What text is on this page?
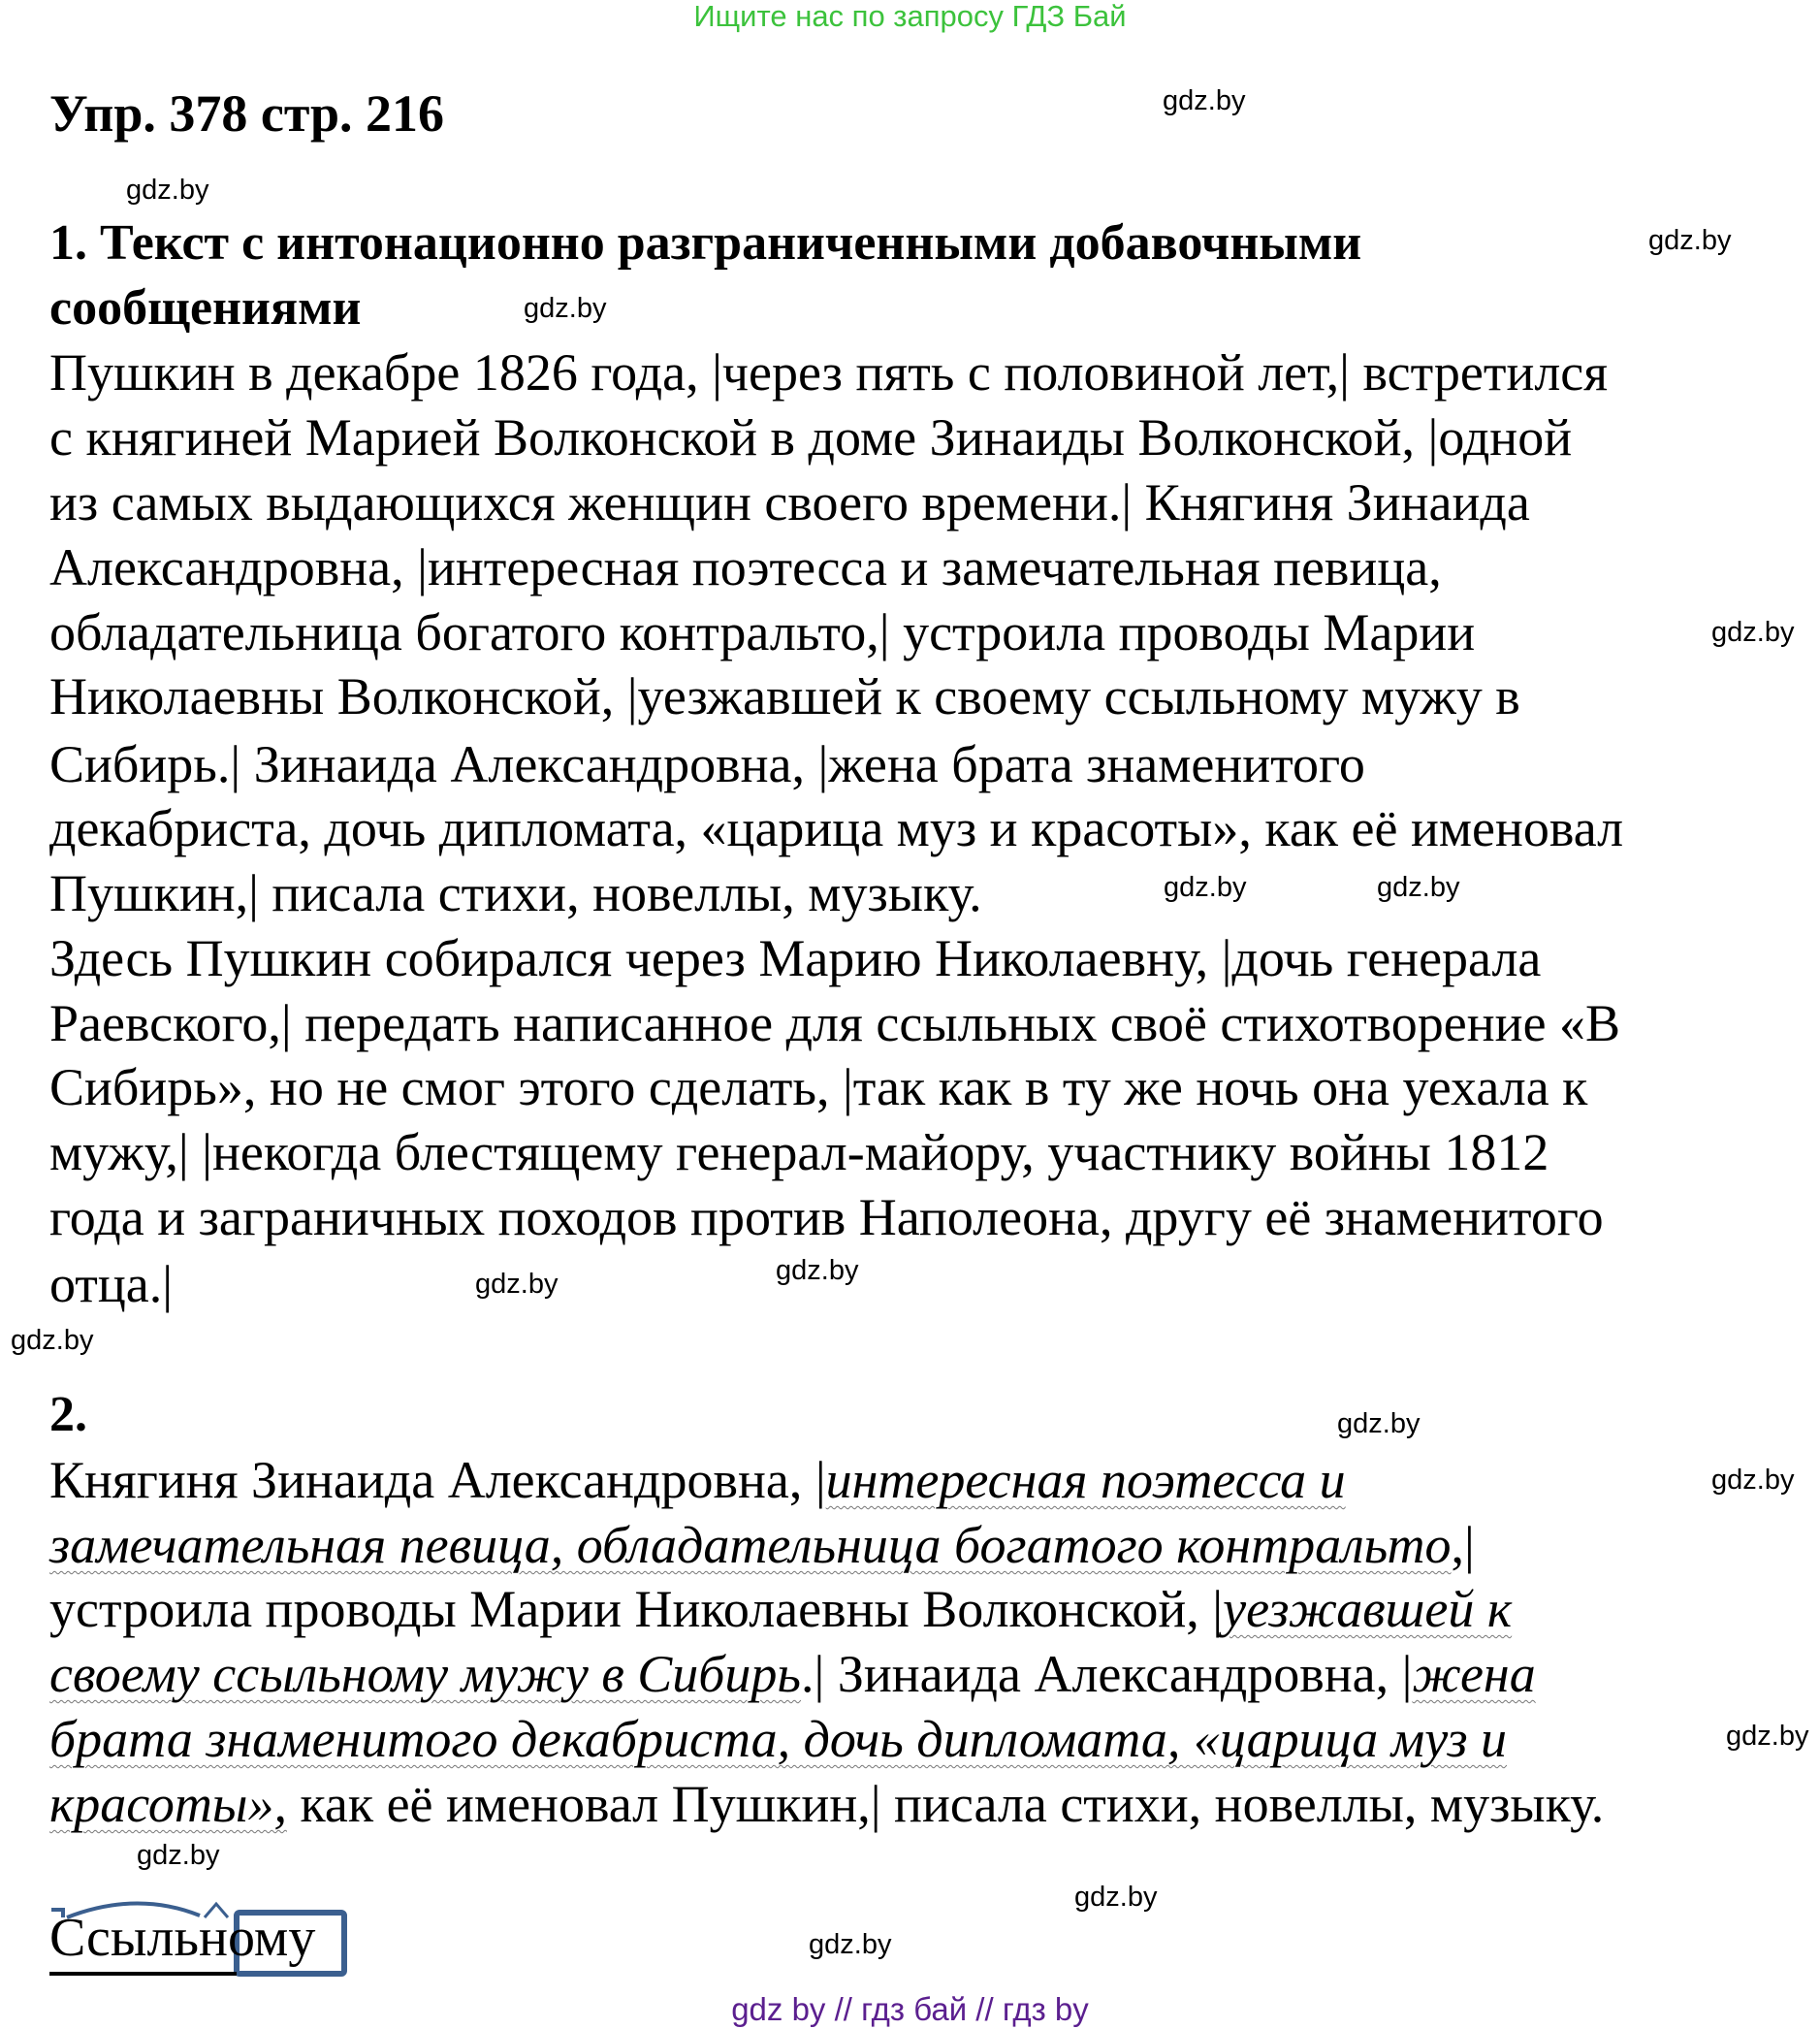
Ищите нас по запросу ГДЗ Бай
Упр. 378 стр. 216
1. Текст с интонационно разграниченными добавочными
сообщениями
Пушкин в декабре 1826 года, |через пять с половиной лет,| встретился
с княгиней Марией Волконской в доме Зинаиды Волконской, |одной
из самых выдающихся женщин своего времени.| Княгиня Зинаида
Александровна, |интересная поэтесса и замечательная певица,
обладательница богатого контральто,| устроила проводы Марии
Николаевны Волконской, |уезжавшей к своему ссыльному мужу в
Сибирь.| Зинаида Александровна, |жена брата знаменитого
декабриста, дочь дипломата, «царица муз и красоты», как её именовал
Пушкин,| писала стихи, новеллы, музыку.
Здесь Пушкин собирался через Марию Николаевну, |дочь генерала
Раевского,| передать написанное для ссыльных своё стихотворение «В
Сибирь», но не смог этого сделать, |так как в ту же ночь она уехала к
мужу,| |некогда блестящему генерал-майору, участнику войны 1812
года и заграничных походов против Наполеона, другу её знаменитого
отца.|
2.
Княгиня Зинаида Александровна, |интересная поэтесса и
замечательная певица, обладательница богатого контральто,|
устроила проводы Марии Николаевны Волконской, |уезжавшей к
своему ссыльному мужу в Сибирь.| Зинаида Александровна, |жена
брата знаменитого декабриста, дочь дипломата, «царица муз и
красоты», как её именовал Пушкин,| писала стихи, новеллы, музыку.
Ссыльному
gdz.by
gdz.by
gdz.by
gdz.by
gdz.by
gdz.by	gdz.by
gdz.by
gdz.by
gdz.by
gdz.by
gdz.by
gdz.by
gdz.by
gdz.by
gdz.by
gdz by // гдз бай // гдз by
